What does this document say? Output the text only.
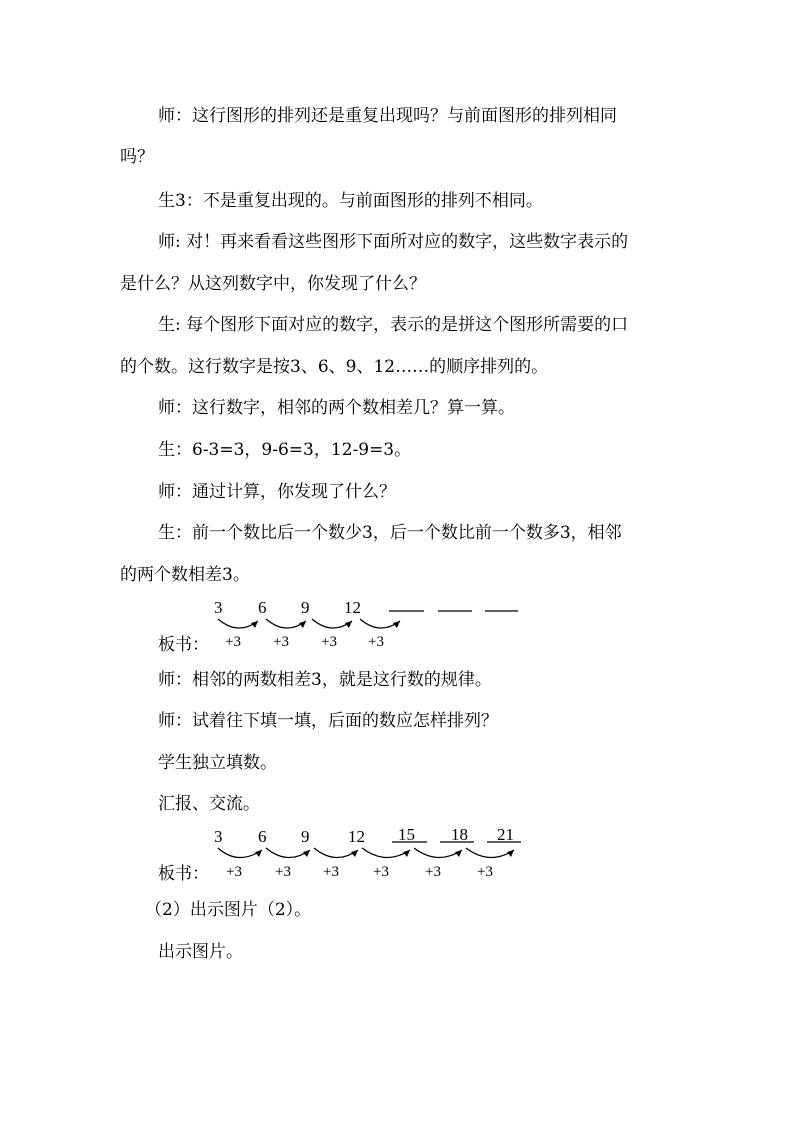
师：这行图形的排列还是重复出现吗？与前面图形的排列相同
吗？
生3：不是重复出现的。与前面图形的排列不相同。
师: 对！再来看看这些图形下面所对应的数字，这些数字表示的
是什么？从这列数字中，你发现了什么？
生: 每个图形下面对应的数字，表示的是拼这个图形所需要的口
的个数。这行数字是按3、6、9、12……的顺序排列的。
师：这行数字，相邻的两个数相差几？算一算。
生：6-3=3，9-6=3，12-9=3。
师：通过计算，你发现了什么？
生：前一个数比后一个数少3，后一个数比前一个数多3，相邻
的两个数相差3。
板书：
3 6 9 12
+3 +3 +3 +3
师：相邻的两数相差3，就是这行数的规律。
师：试着往下填一填，后面的数应怎样排列？
学生独立填数。
汇报、交流。
板书：
3 6 9 12 15 18 21
+3 +3 +3 +3 +3 +3
（2）出示图片（2）。
出示图片。
